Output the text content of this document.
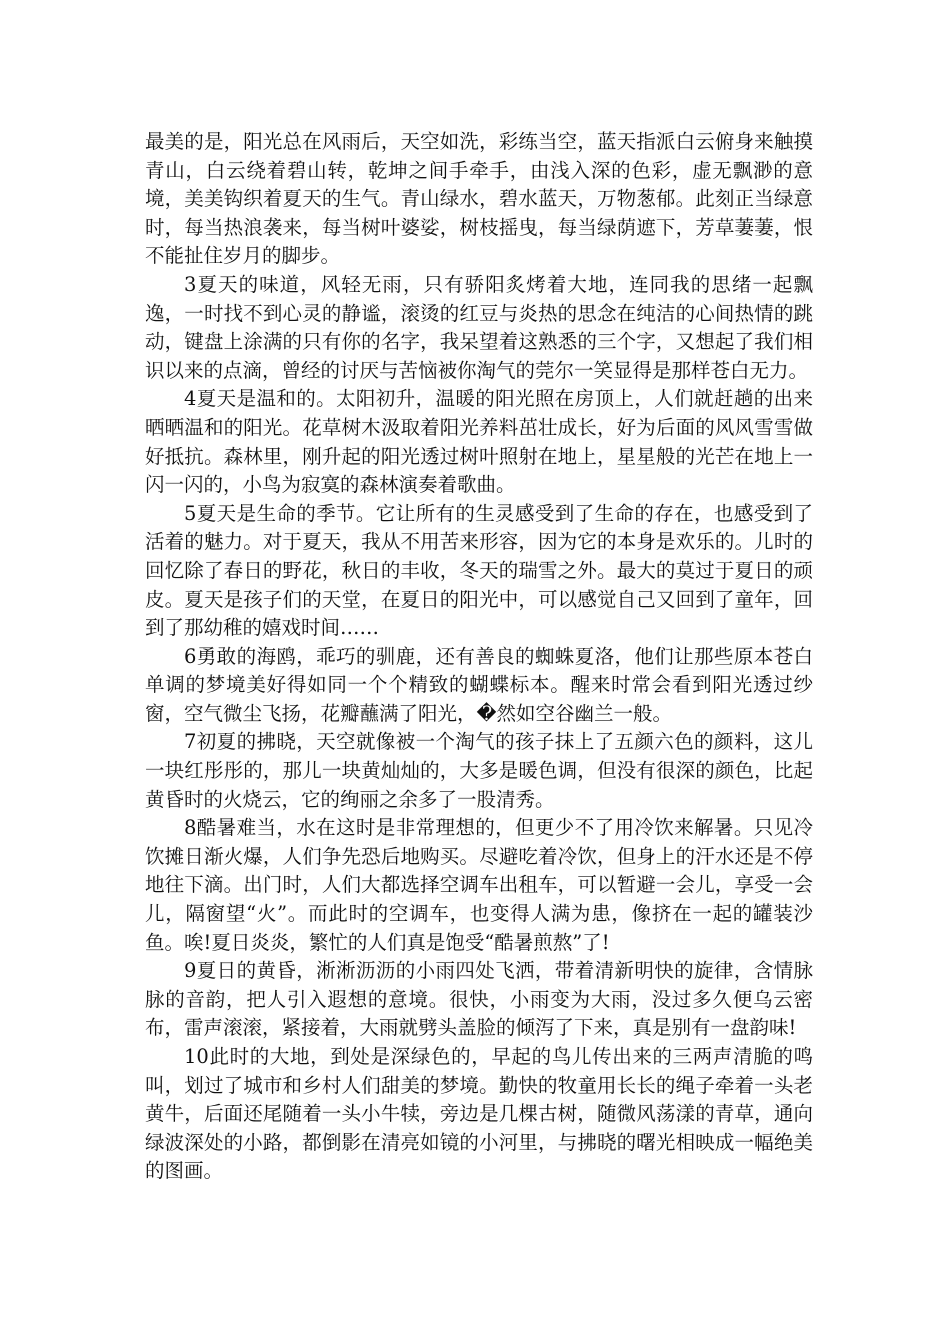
最美的是，阳光总在风雨后，天空如洗，彩练当空，蓝天指派白云俯身来触摸青山，白云绕着碧山转，乾坤之间手牵手，由浅入深的色彩，虚无飘渺的意境，美美钩织着夏天的生气。青山绿水，碧水蓝天，万物葱郁。此刻正当绿意时，每当热浪袭来，每当树叶婆娑，树枝摇曳，每当绿荫遮下，芳草萋萋，恨不能扯住岁月的脚步。

3夏天的味道，风轻无雨，只有骄阳炙烤着大地，连同我的思绪一起飘逸，一时找不到心灵的静谧，滚烫的红豆与炎热的思念在纯洁的心间热情的跳动，键盘上涂满的只有你的名字，我呆望着这熟悉的三个字，又想起了我们相识以来的点滴，曾经的讨厌与苦恼被你淘气的莞尔一笑显得是那样苍白无力。

4夏天是温和的。太阳初升，温暖的阳光照在房顶上，人们就赶趟的出来晒晒温和的阳光。花草树木汲取着阳光养料茁壮成长，好为后面的风风雪雪做好抵抗。森林里，刚升起的阳光透过树叶照射在地上，星星般的光芒在地上一闪一闪的，小鸟为寂寞的森林演奏着歌曲。

5夏天是生命的季节。它让所有的生灵感受到了生命的存在，也感受到了活着的魅力。对于夏天，我从不用苦来形容，因为它的本身是欢乐的。儿时的回忆除了春日的野花，秋日的丰收，冬天的瑞雪之外。最大的莫过于夏日的顽皮。夏天是孩子们的天堂，在夏日的阳光中，可以感觉自己又回到了童年，回到了那幼稚的嬉戏时间……

6勇敢的海鸥，乖巧的驯鹿，还有善良的蜘蛛夏洛，他们让那些原本苍白单调的梦境美好得如同一个个精致的蝴蝶标本。醒来时常会看到阳光透过纱窗，空气微尘飞扬，花瓣蘸满了阳光，�然如空谷幽兰一般。

7初夏的拂晓，天空就像被一个淘气的孩子抹上了五颜六色的颜料，这儿一块红彤彤的，那儿一块黄灿灿的，大多是暖色调，但没有很深的颜色，比起黄昏时的火烧云，它的绚丽之余多了一股清秀。

8酷暑难当，水在这时是非常理想的，但更少不了用冷饮来解暑。只见冷饮摊日渐火爆，人们争先恐后地购买。尽避吃着冷饮，但身上的汗水还是不停地往下滴。出门时，人们大都选择空调车出租车，可以暂避一会儿，享受一会儿，隔窗望“火”。而此时的空调车，也变得人满为患，像挤在一起的罐装沙鱼。唉!夏日炎炎，繁忙的人们真是饱受“酷暑煎熬”了!

9夏日的黄昏，淅淅沥沥的小雨四处飞洒，带着清新明快的旋律，含情脉脉的音韵，把人引入遐想的意境。很快，小雨变为大雨，没过多久便乌云密布，雷声滚滚，紧接着，大雨就劈头盖脸的倾泻了下来，真是别有一盘韵味!

10此时的大地，到处是深绿色的，早起的鸟儿传出来的三两声清脆的鸣叫，划过了城市和乡村人们甜美的梦境。勤快的牧童用长长的绳子牵着一头老黄牛，后面还尾随着一头小牛犊，旁边是几棵古树，随微风荡漾的青草，通向绿波深处的小路，都倒影在清亮如镜的小河里，与拂晓的曙光相映成一幅绝美的图画。
